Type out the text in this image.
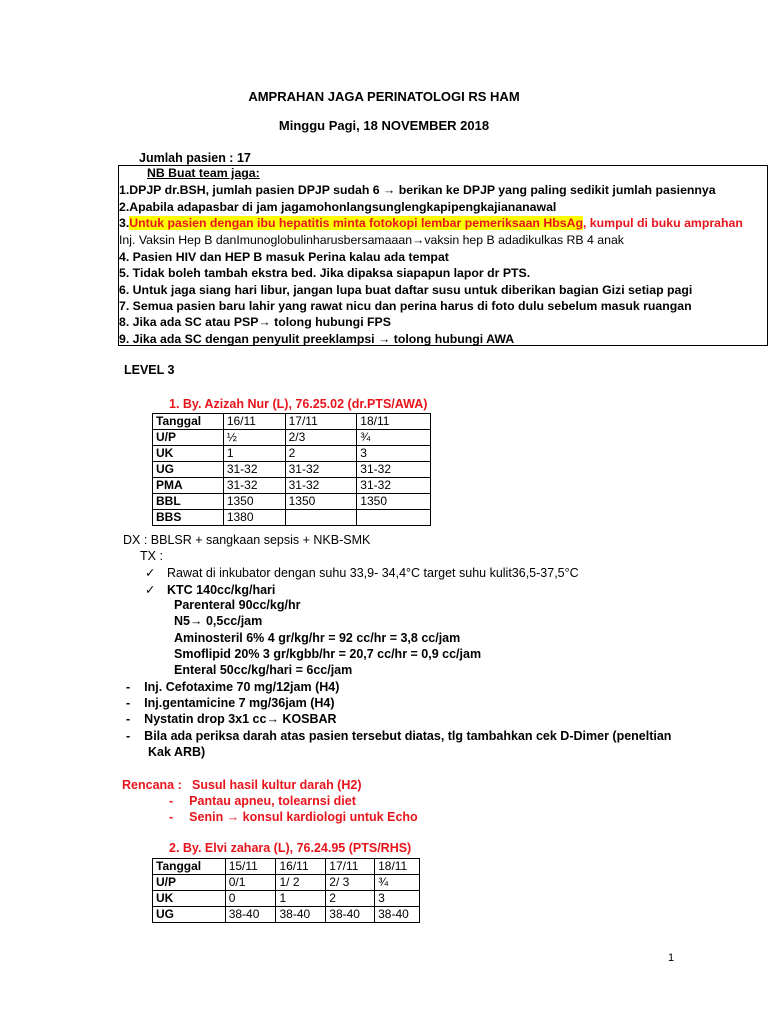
AMPRAHAN JAGA PERINATOLOGI RS HAM
Minggu Pagi, 18 NOVEMBER 2018
Jumlah pasien : 17
NB Buat team jaga:
1.DPJP dr.BSH, jumlah pasien DPJP sudah 6 → berikan ke DPJP yang paling sedikit jumlah pasiennya
2.Apabila adapasbar di jam jagamohonlangsunglengkapipengkajiananawal
3.Untuk pasien dengan ibu hepatitis minta fotokopi lembar pemeriksaan HbsAg, kumpul di buku amprahan
Inj. Vaksin Hep B danImunoglobulinharusbersamaaan→vaksin hep B adadikulkas RB 4 anak
4. Pasien HIV dan HEP B masuk Perina kalau ada tempat
5. Tidak boleh tambah ekstra bed. Jika dipaksa siapapun lapor dr PTS.
6. Untuk jaga siang hari libur, jangan lupa buat daftar susu untuk diberikan bagian Gizi setiap pagi
7. Semua pasien baru lahir yang rawat nicu dan perina harus di foto dulu sebelum masuk ruangan
8. Jika ada SC atau PSP→ tolong hubungi FPS
9. Jika ada SC dengan penyulit preeklampsi → tolong hubungi AWA
LEVEL 3
1. By. Azizah Nur (L), 76.25.02 (dr.PTS/AWA)
Tanggal	16/11	17/11	18/11
U/P	½	2/3	¾
UK	1	2	3
UG	31-32	31-32	31-32
PMA	31-32	31-32	31-32
BBL	1350	1350	1350
BBS	1380		
DX : BBLSR + sangkaan sepsis + NKB-SMK
TX :
✓ Rawat di inkubator dengan suhu 33,9- 34,4°C target suhu kulit36,5-37,5°C
✓ KTC 140cc/kg/hari
Parenteral 90cc/kg/hr
N5→ 0,5cc/jam
Aminosteril 6% 4 gr/kg/hr = 92 cc/hr = 3,8 cc/jam
Smoflipid 20% 3 gr/kgbb/hr = 20,7 cc/hr = 0,9 cc/jam
Enteral 50cc/kg/hari = 6cc/jam
- Inj. Cefotaxime 70 mg/12jam (H4)
- Inj.gentamicine 7 mg/36jam (H4)
- Nystatin drop 3x1 cc→ KOSBAR
- Bila ada periksa darah atas pasien tersebut diatas, tlg tambahkan cek D-Dimer (peneltian
Kak ARB)
Rencana : Susul hasil kultur darah (H2)
- Pantau apneu, tolearnsi diet
- Senin → konsul kardiologi untuk Echo
2. By. Elvi zahara (L), 76.24.95 (PTS/RHS)
Tanggal	15/11	16/11	17/11	18/11
U/P	0/1	1/ 2	2/ 3	¾
UK	0	1	2	3
UG	38-40	38-40	38-40	38-40
1
